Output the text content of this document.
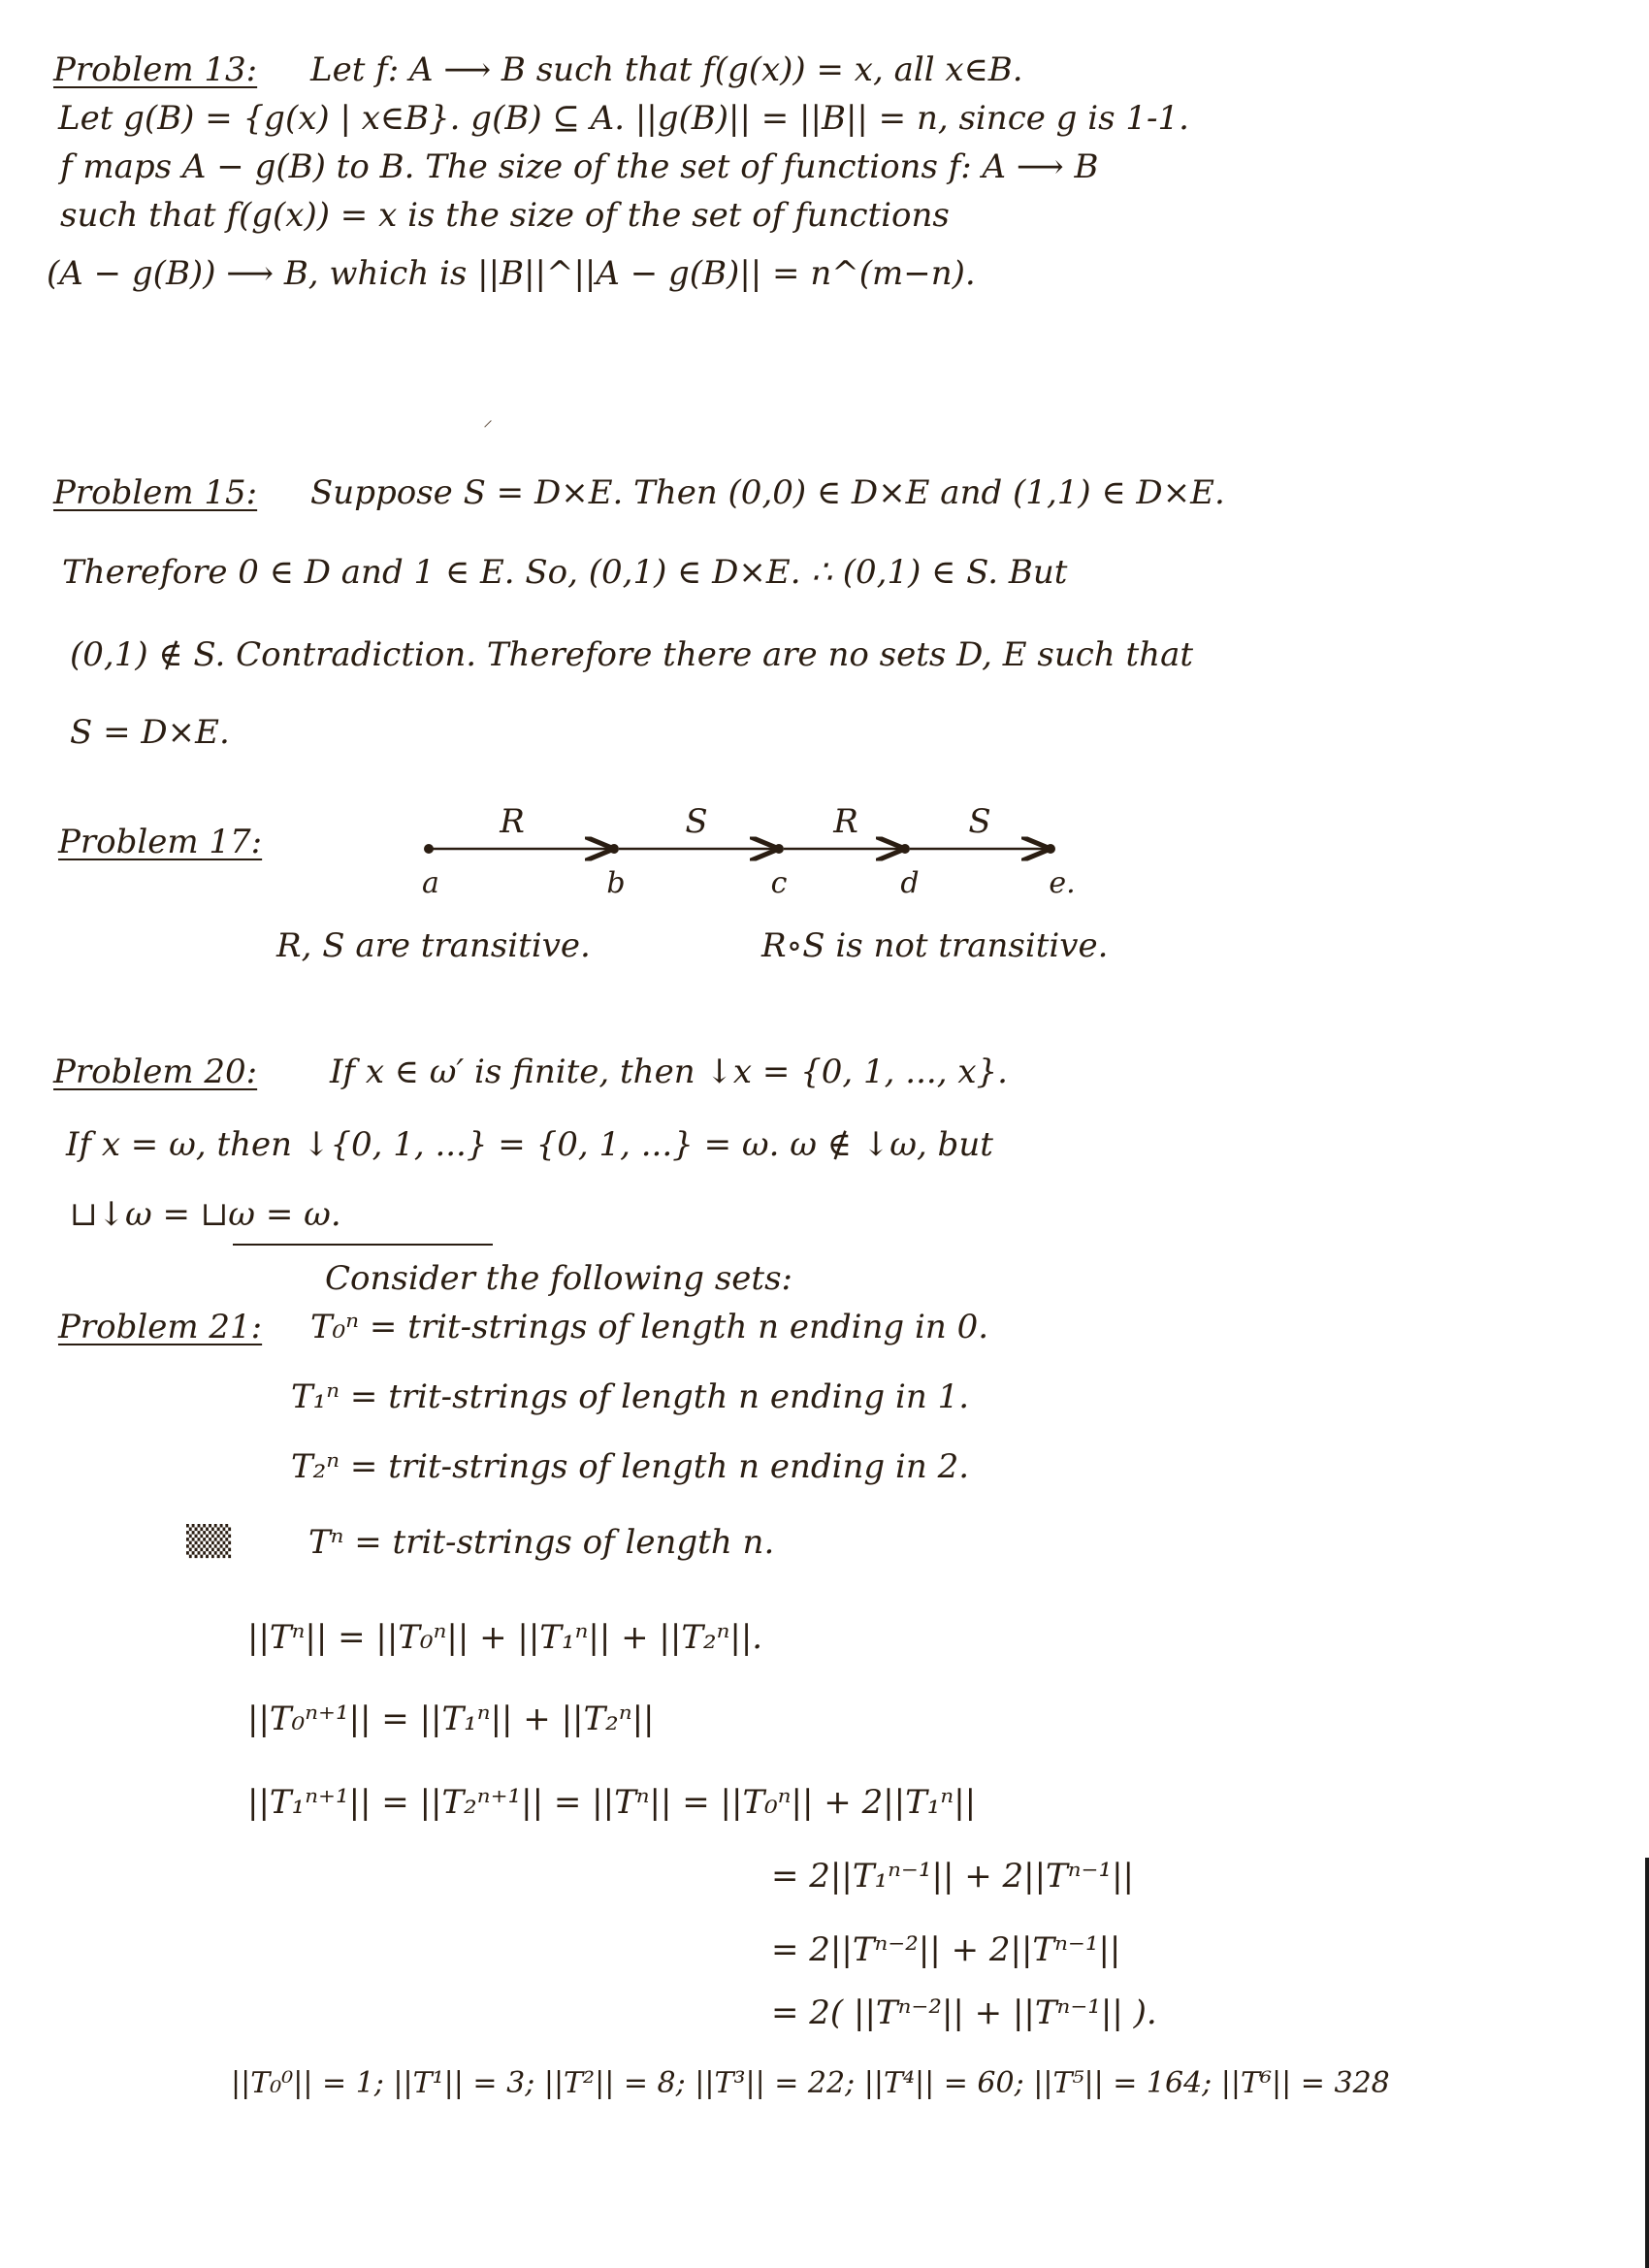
Problem 13: Let f: A ⟶ B such that f(g(x)) = x, all x∈B.
Let g(B) = {g(x) | x∈B}. g(B) ⊆ A. ||g(B)|| = ||B|| = n, since g is 1-1.
f maps A − g(B) to B. The size of the set of functions f: A ⟶ B
such that f(g(x)) = x is the size of the set of functions
(A − g(B)) ⟶ B, which is ||B||^||A − g(B)|| = n^(m−n).
⸝
Problem 15: Suppose S = D×E. Then (0,0) ∈ D×E and (1,1) ∈ D×E.
Therefore 0 ∈ D and 1 ∈ E. So, (0,1) ∈ D×E. ∴ (0,1) ∈ S. But
(0,1) ∉ S. Contradiction. Therefore there are no sets D, E such that
S = D×E.
Problem 17:
R	S	R	S
a	b	c	d	e.
R, S are transitive.	R∘S is not transitive.
Problem 20: If x ∈ ω′ is finite, then ↓x = {0, 1, ..., x}.
If x = ω, then ↓{0, 1, ...} = {0, 1, ...} = ω. ω ∉ ↓ω, but
⊔↓ω = ⊔ω = ω.
Consider the following sets:
Problem 21: T₀ⁿ = trit-strings of length n ending in 0.
T₁ⁿ = trit-strings of length n ending in 1.
T₂ⁿ = trit-strings of length n ending in 2.
▒▒ Tⁿ = trit-strings of length n.
||Tⁿ|| = ||T₀ⁿ|| + ||T₁ⁿ|| + ||T₂ⁿ||.
||T₀ⁿ⁺¹|| = ||T₁ⁿ|| + ||T₂ⁿ||
||T₁ⁿ⁺¹|| = ||T₂ⁿ⁺¹|| = ||Tⁿ|| = ||T₀ⁿ|| + 2||T₁ⁿ||
= 2||T₁ⁿ⁻¹|| + 2||Tⁿ⁻¹||
= 2||Tⁿ⁻²|| + 2||Tⁿ⁻¹||
= 2( ||Tⁿ⁻²|| + ||Tⁿ⁻¹|| ).
||T₀⁰|| = 1; ||T¹|| = 3; ||T²|| = 8; ||T³|| = 22; ||T⁴|| = 60; ||T⁵|| = 164; ||T⁶|| = 328
